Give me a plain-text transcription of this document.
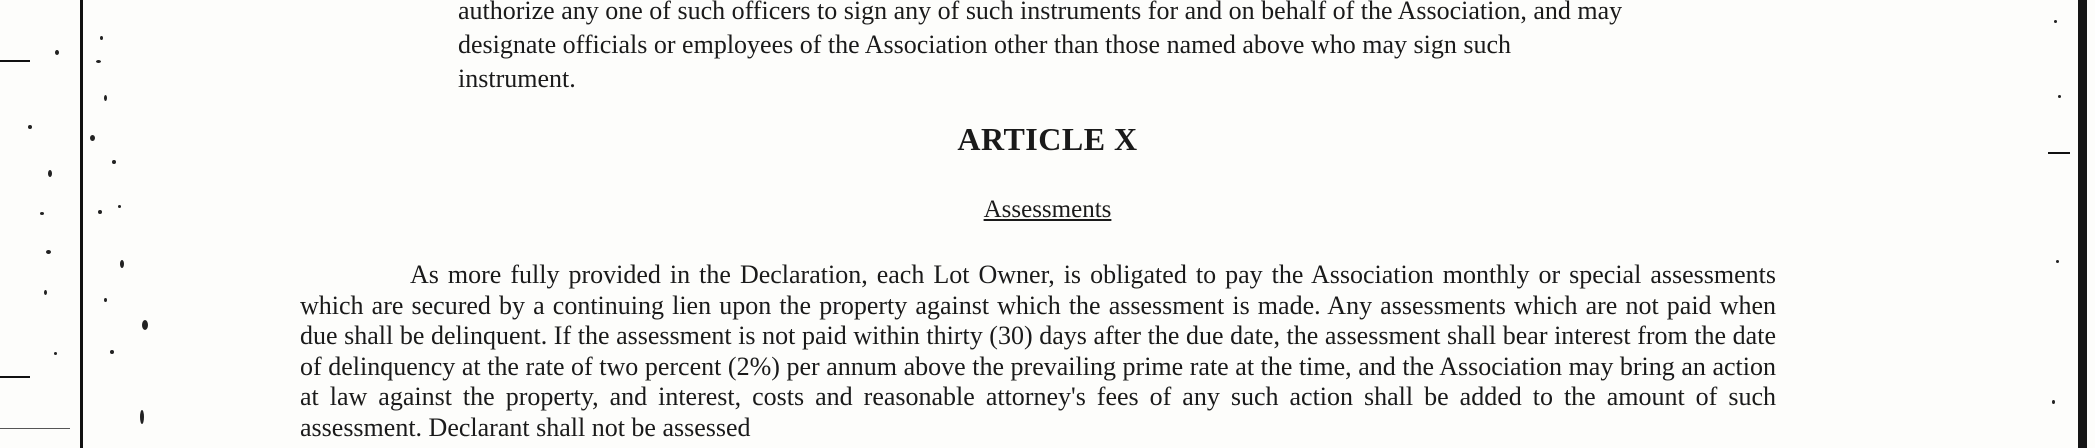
authorize any one of such officers to sign any of such instruments for and on behalf of the Association, and may
designate officials or employees of the Association other than those named above who may sign such
instrument.
ARTICLE X
Assessments
As more fully provided in the Declaration, each Lot Owner, is obligated to pay the Association monthly or special assessments which are secured by a continuing lien upon the property against which the assessment is made. Any assessments which are not paid when due shall be delinquent. If the assessment is not paid within thirty (30) days after the due date, the assessment shall bear interest from the date of delinquency at the rate of two percent (2%) per annum above the prevailing prime rate at the time, and the Association may bring an action at law against the property, and interest, costs and reasonable attorney's fees of any such action shall be added to the amount of such assessment. Declarant shall not be assessed
